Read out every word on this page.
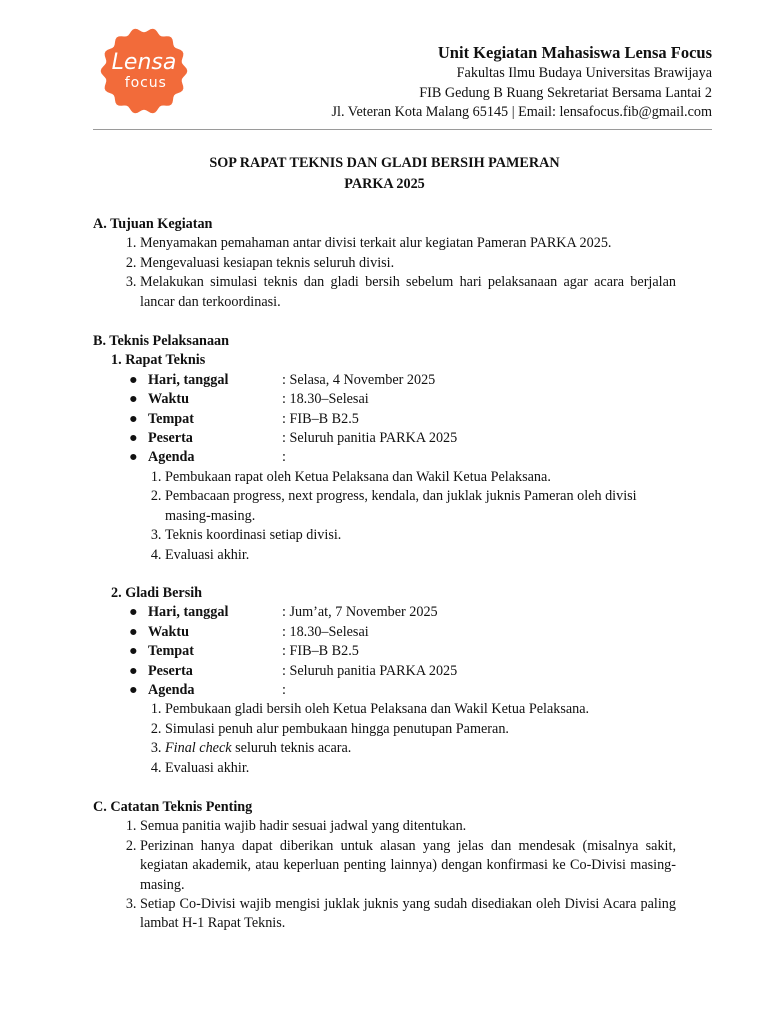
Lensa
focus
Unit Kegiatan Mahasiswa Lensa Focus
Fakultas Ilmu Budaya Universitas Brawijaya
FIB Gedung B Ruang Sekretariat Bersama Lantai 2
Jl. Veteran Kota Malang 65145 | Email: lensafocus.fib@gmail.com
SOP RAPAT TEKNIS DAN GLADI BERSIH PAMERAN
PARKA 2025
A. Tujuan Kegiatan
1. Menyamakan pemahaman antar divisi terkait alur kegiatan Pameran PARKA 2025.
2. Mengevaluasi kesiapan teknis seluruh divisi.
3. Melakukan simulasi teknis dan gladi bersih sebelum hari pelaksanaan agar acara berjalan lancar dan terkoordinasi.
B. Teknis Pelaksanaan
1. Rapat Teknis
● Hari, tanggal	: Selasa, 4 November 2025
● Waktu	: 18.30–Selesai
● Tempat	: FIB–B B2.5
● Peserta	: Seluruh panitia PARKA 2025
● Agenda	:
1. Pembukaan rapat oleh Ketua Pelaksana dan Wakil Ketua Pelaksana.
2. Pembacaan progress, next progress, kendala, dan juklak juknis Pameran oleh divisi masing-masing.
3. Teknis koordinasi setiap divisi.
4. Evaluasi akhir.
2. Gladi Bersih
● Hari, tanggal	: Jum’at, 7 November 2025
● Waktu	: 18.30–Selesai
● Tempat	: FIB–B B2.5
● Peserta	: Seluruh panitia PARKA 2025
● Agenda	:
1. Pembukaan gladi bersih oleh Ketua Pelaksana dan Wakil Ketua Pelaksana.
2. Simulasi penuh alur pembukaan hingga penutupan Pameran.
3. Final check seluruh teknis acara.
4. Evaluasi akhir.
C. Catatan Teknis Penting
1. Semua panitia wajib hadir sesuai jadwal yang ditentukan.
2. Perizinan hanya dapat diberikan untuk alasan yang jelas dan mendesak (misalnya sakit, kegiatan akademik, atau keperluan penting lainnya) dengan konfirmasi ke Co-Divisi masing-masing.
3. Setiap Co-Divisi wajib mengisi juklak juknis yang sudah disediakan oleh Divisi Acara paling lambat H-1 Rapat Teknis.
